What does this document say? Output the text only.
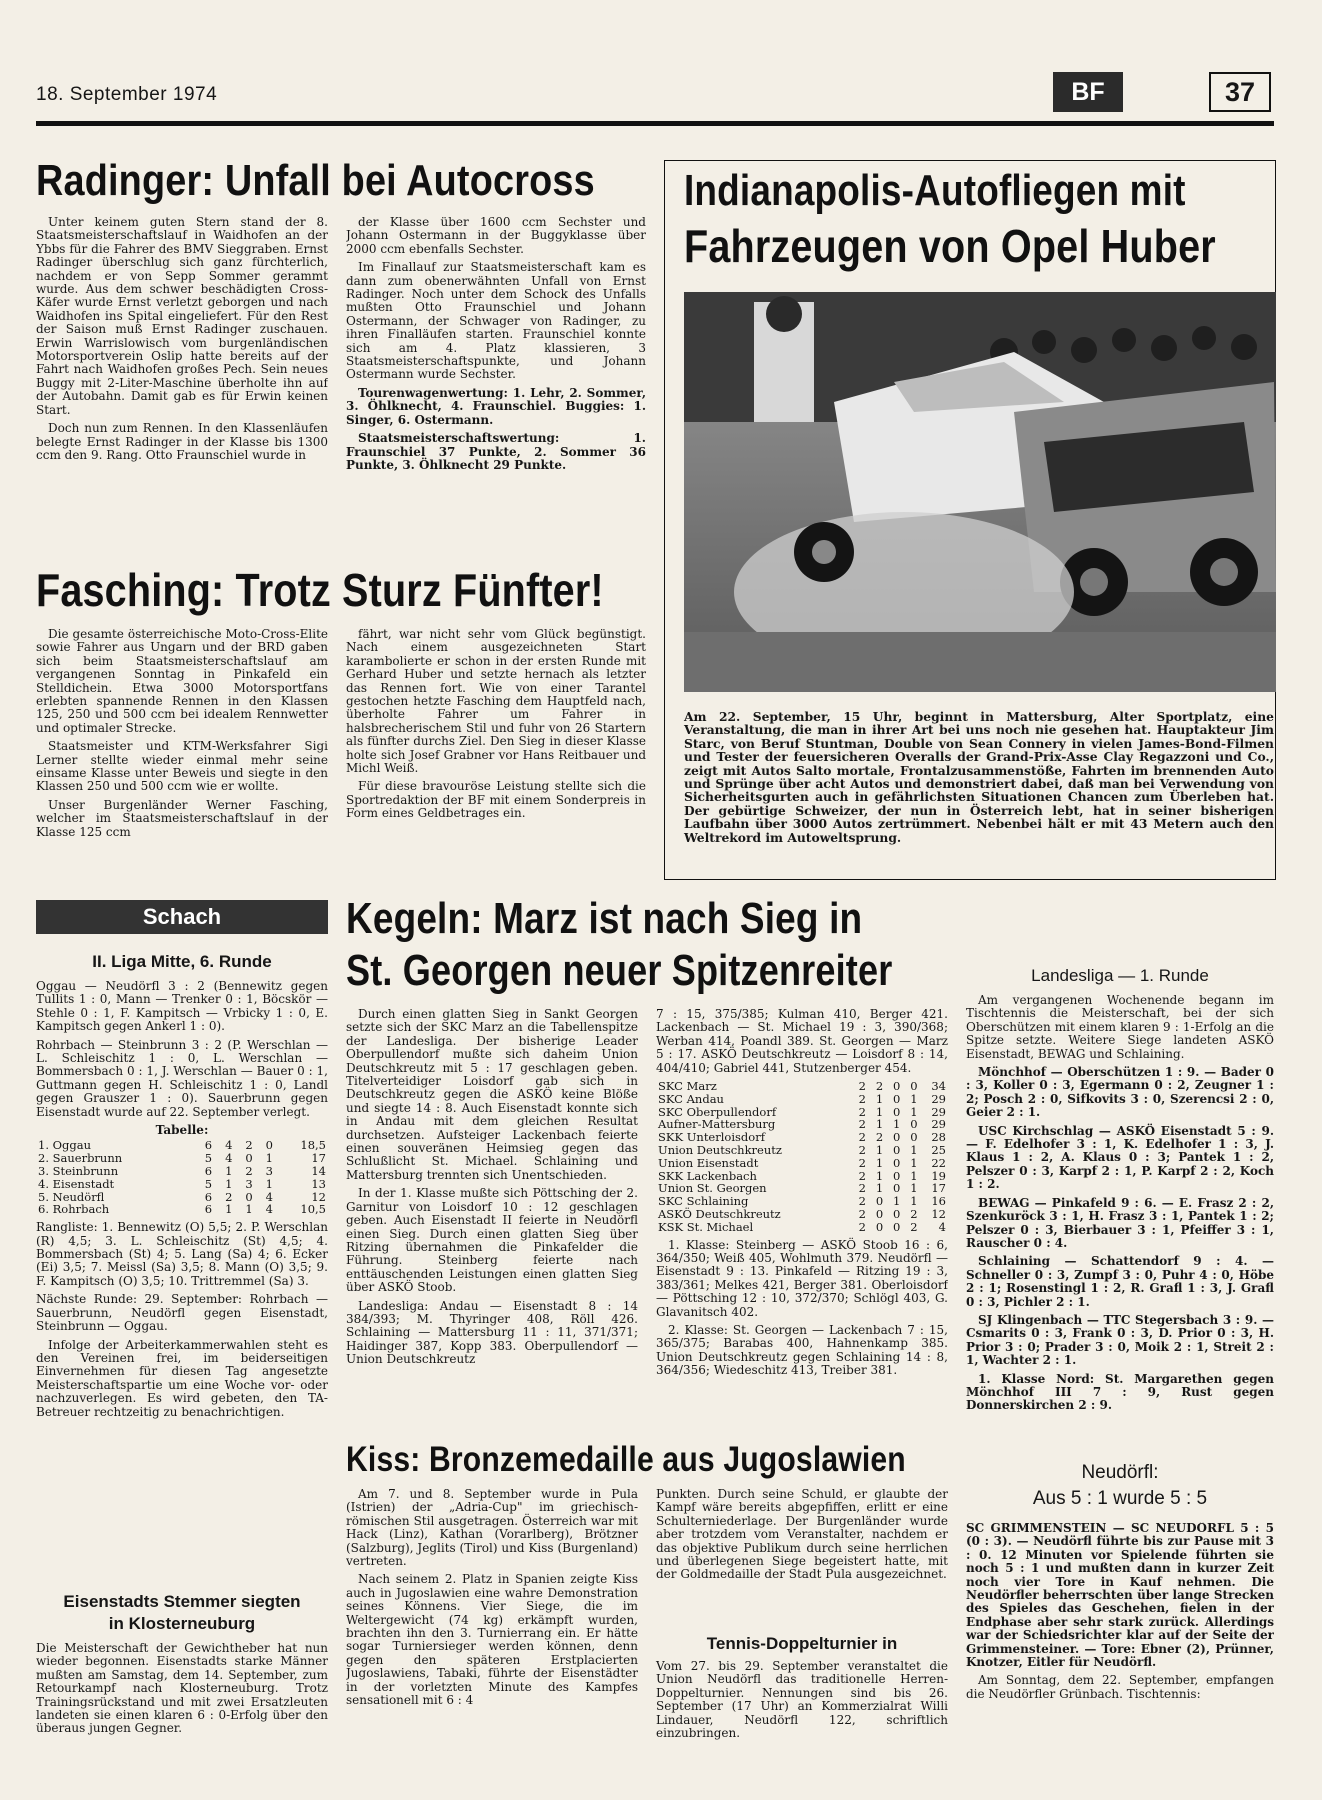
18. September 1974	BF	37
Radinger: Unfall bei Autocross

Unter keinem guten Stern stand der 8. Staatsmeisterschaftslauf in Waidhofen an der Ybbs für die Fahrer des BMV Sieggraben. Ernst Radinger überschlug sich ganz fürchterlich, nachdem er von Sepp Sommer gerammt wurde. Aus dem schwer beschädigten Cross-Käfer wurde Ernst verletzt geborgen und nach Waidhofen ins Spital eingeliefert. Für den Rest der Saison muß Ernst Radinger zuschauen. Erwin Warrislowisch vom burgenländischen Motorsportverein Oslip hatte bereits auf der Fahrt nach Waidhofen großes Pech. Sein neues Buggy mit 2-Liter-Maschine überholte ihn auf der Autobahn. Damit gab es für Erwin keinen Start.

Doch nun zum Rennen. In den Klassenläufen belegte Ernst Radinger in der Klasse bis 1300 ccm den 9. Rang. Otto Fraunschiel wurde in

der Klasse über 1600 ccm Sechster und Johann Ostermann in der Buggyklasse über 2000 ccm ebenfalls Sechster.

Im Finallauf zur Staatsmeisterschaft kam es dann zum obenerwähnten Unfall von Ernst Radinger. Noch unter dem Schock des Unfalls mußten Otto Fraunschiel und Johann Ostermann, der Schwager von Radinger, zu ihren Finalläufen starten. Fraunschiel konnte sich am 4. Platz klassieren, 3 Staatsmeisterschaftspunkte, und Johann Ostermann wurde Sechster.

Tourenwagenwertung: 1. Lehr, 2. Sommer, 3. Öhlknecht, 4. Fraunschiel. Buggies: 1. Singer, 6. Ostermann.

Staatsmeisterschaftswertung: 1. Fraunschiel 37 Punkte, 2. Sommer 36 Punkte, 3. Öhlknecht 29 Punkte.

Indianapolis-Autofliegen mit
Fahrzeugen von Opel Huber
Am 22. September, 15 Uhr, beginnt in Mattersburg, Alter Sportplatz, eine Veranstaltung, die man in ihrer Art bei uns noch nie gesehen hat. Hauptakteur Jim Starc, von Beruf Stuntman, Double von Sean Connery in vielen James-Bond-Filmen und Tester der feuersicheren Overalls der Grand-Prix-Asse Clay Regazzoni und Co., zeigt mit Autos Salto mortale, Frontalzusammenstöße, Fahrten im brennenden Auto und Sprünge über acht Autos und demonstriert dabei, daß man bei Verwendung von Sicherheitsgurten auch in gefährlichsten Situationen Chancen zum Überleben hat. Der gebürtige Schweizer, der nun in Österreich lebt, hat in seiner bisherigen Laufbahn über 3000 Autos zertrümmert. Nebenbei hält er mit 43 Metern auch den Weltrekord im Autoweltsprung.
Fasching: Trotz Sturz Fünfter!

Die gesamte österreichische Moto-Cross-Elite sowie Fahrer aus Ungarn und der BRD gaben sich beim Staatsmeisterschaftslauf am vergangenen Sonntag in Pinkafeld ein Stelldichein. Etwa 3000 Motorsportfans erlebten spannende Rennen in den Klassen 125, 250 und 500 ccm bei idealem Rennwetter und optimaler Strecke.

Staatsmeister und KTM-Werksfahrer Sigi Lerner stellte wieder einmal mehr seine einsame Klasse unter Beweis und siegte in den Klassen 250 und 500 ccm wie er wollte.

Unser Burgenländer Werner Fasching, welcher im Staatsmeisterschaftslauf in der Klasse 125 ccm

fährt, war nicht sehr vom Glück begünstigt. Nach einem ausgezeichneten Start karambolierte er schon in der ersten Runde mit Gerhard Huber und setzte hernach als letzter das Rennen fort. Wie von einer Tarantel gestochen hetzte Fasching dem Hauptfeld nach, überholte Fahrer um Fahrer in halsbrecherischem Stil und fuhr von 26 Startern als fünfter durchs Ziel. Den Sieg in dieser Klasse holte sich Josef Grabner vor Hans Reitbauer und Michl Weiß.

Für diese bravouröse Leistung stellte sich die Sportredaktion der BF mit einem Sonderpreis in Form eines Geldbetrages ein.

Schach
II. Liga Mitte, 6. Runde

Oggau — Neudörfl 3 : 2 (Bennewitz gegen Tullits 1 : 0, Mann — Trenker 0 : 1, Böcskör — Stehle 0 : 1, F. Kampitsch — Vrbicky 1 : 0, E. Kampitsch gegen Ankerl 1 : 0).

Rohrbach — Steinbrunn 3 : 2 (P. Werschlan — L. Schleischitz 1 : 0, L. Werschlan — Bommersbach 0 : 1, J. Werschlan — Bauer 0 : 1, Guttmann gegen H. Schleischitz 1 : 0, Landl gegen Grauszer 1 : 0). Sauerbrunn gegen Eisenstadt wurde auf 22. September verlegt.

Tabelle:
1. Oggau	6	4	2	0	18,5
2. Sauerbrunn	5	4	0	1	17
3. Steinbrunn	6	1	2	3	14
4. Eisenstadt	5	1	3	1	13
5. Neudörfl	6	2	0	4	12
6. Rohrbach	6	1	1	4	10,5

Rangliste: 1. Bennewitz (O) 5,5; 2. P. Werschlan (R) 4,5; 3. L. Schleischitz (St) 4,5; 4. Bommersbach (St) 4; 5. Lang (Sa) 4; 6. Ecker (Ei) 3,5; 7. Meissl (Sa) 3,5; 8. Mann (O) 3,5; 9. F. Kampitsch (O) 3,5; 10. Trittremmel (Sa) 3.

Nächste Runde: 29. September: Rohrbach — Sauerbrunn, Neudörfl gegen Eisenstadt, Steinbrunn — Oggau.

Infolge der Arbeiterkammerwahlen steht es den Vereinen frei, im beiderseitigen Einvernehmen für diesen Tag angesetzte Meisterschaftspartie um eine Woche vor- oder nachzuverlegen. Es wird gebeten, den TA-Betreuer rechtzeitig zu benachrichtigen.

Eisenstadts Stemmer siegten
in Klosterneuburg
Die Meisterschaft der Gewichtheber hat nun wieder begonnen. Eisenstadts starke Männer mußten am Samstag, dem 14. September, zum Retourkampf nach Klosterneuburg. Trotz Trainingsrückstand und mit zwei Ersatzleuten landeten sie einen klaren 6 : 0-Erfolg über den überaus jungen Gegner.
Kegeln: Marz ist nach Sieg in
St. Georgen neuer Spitzenreiter

Durch einen glatten Sieg in Sankt Georgen setzte sich der SKC Marz an die Tabellenspitze der Landesliga. Der bisherige Leader Oberpullendorf mußte sich daheim Union Deutschkreutz mit 5 : 17 geschlagen geben. Titelverteidiger Loisdorf gab sich in Deutschkreutz gegen die ASKÖ keine Blöße und siegte 14 : 8. Auch Eisenstadt konnte sich in Andau mit dem gleichen Resultat durchsetzen. Aufsteiger Lackenbach feierte einen souveränen Heimsieg gegen das Schlußlicht St. Michael. Schlaining und Mattersburg trennten sich Unentschieden.

In der 1. Klasse mußte sich Pöttsching der 2. Garnitur von Loisdorf 10 : 12 geschlagen geben. Auch Eisenstadt II feierte in Neudörfl einen Sieg. Durch einen glatten Sieg über Ritzing übernahmen die Pinkafelder die Führung. Steinberg feierte nach enttäuschenden Leistungen einen glatten Sieg über ASKÖ Stoob.

Landesliga: Andau — Eisenstadt 8 : 14 384/393; M. Thyringer 408, Röll 426. Schlaining — Mattersburg 11 : 11, 371/371; Haidinger 387, Kopp 383. Oberpullendorf — Union Deutschkreutz

7 : 15, 375/385; Kulman 410, Berger 421. Lackenbach — St. Michael 19 : 3, 390/368; Werban 414, Poandl 389. St. Georgen — Marz 5 : 17. ASKÖ Deutschkreutz — Loisdorf 8 : 14, 404/410; Gabriel 441, Stutzenberger 454.

SKC Marz	2	2	0	0	34
SKC Andau	2	1	0	1	29
SKC Oberpullendorf	2	1	0	1	29
Aufner-Mattersburg	2	1	1	0	29
SKK Unterloisdorf	2	2	0	0	28
Union Deutschkreutz	2	1	0	1	25
Union Eisenstadt	2	1	0	1	22
SKK Lackenbach	2	1	0	1	19
Union St. Georgen	2	1	0	1	17
SKC Schlaining	2	0	1	1	16
ASKÖ Deutschkreutz	2	0	0	2	12
KSK St. Michael	2	0	0	2	4

1. Klasse: Steinberg — ASKÖ Stoob 16 : 6, 364/350; Weiß 405, Wohlmuth 379. Neudörfl — Eisenstadt 9 : 13. Pinkafeld — Ritzing 19 : 3, 383/361; Melkes 421, Berger 381. Oberloisdorf — Pöttsching 12 : 10, 372/370; Schlögl 403, G. Glavanitsch 402.

2. Klasse: St. Georgen — Lackenbach 7 : 15, 365/375; Barabas 400, Hahnenkamp 385. Union Deutschkreutz gegen Schlaining 14 : 8, 364/356; Wiedeschitz 413, Treiber 381.

Kiss: Bronzemedaille aus Jugoslawien

Am 7. und 8. September wurde in Pula (Istrien) der „Adria-Cup" im griechisch-römischen Stil ausgetragen. Österreich war mit Hack (Linz), Kathan (Vorarlberg), Brötzner (Salzburg), Jeglits (Tirol) und Kiss (Burgenland) vertreten.

Nach seinem 2. Platz in Spanien zeigte Kiss auch in Jugoslawien eine wahre Demonstration seines Könnens. Vier Siege, die im Weltergewicht (74 kg) erkämpft wurden, brachten ihn den 3. Turnierrang ein. Er hätte sogar Turniersieger werden können, denn gegen den späteren Erstplacierten Jugoslawiens, Tabaki, führte der Eisenstädter in der vorletzten Minute des Kampfes sensationell mit 6 : 4

Punkten. Durch seine Schuld, er glaubte der Kampf wäre bereits abgepfiffen, erlitt er eine Schulterniederlage. Der Burgenländer wurde aber trotzdem vom Veranstalter, nachdem er das objektive Publikum durch seine herrlichen und überlegenen Siege begeistert hatte, mit der Goldmedaille der Stadt Pula ausgezeichnet.

Tennis-Doppelturnier in
Vom 27. bis 29. September veranstaltet die Union Neudörfl das traditionelle Herren-Doppelturnier. Nennungen sind bis 26. September (17 Uhr) an Kommerzialrat Willi Lindauer, Neudörfl 122, schriftlich einzubringen.
Landesliga — 1. Runde

Am vergangenen Wochenende begann im Tischtennis die Meisterschaft, bei der sich Oberschützen mit einem klaren 9 : 1-Erfolg an die Spitze setzte. Weitere Siege landeten ASKÖ Eisenstadt, BEWAG und Schlaining.

Mönchhof — Oberschützen 1 : 9. — Bader 0 : 3, Koller 0 : 3, Egermann 0 : 2, Zeugner 1 : 2; Posch 2 : 0, Sifkovits 3 : 0, Szerencsi 2 : 0, Geier 2 : 1.

USC Kirchschlag — ASKÖ Eisenstadt 5 : 9. — F. Edelhofer 3 : 1, K. Edelhofer 1 : 3, J. Klaus 1 : 2, A. Klaus 0 : 3; Pantek 1 : 2, Pelszer 0 : 3, Karpf 2 : 1, P. Karpf 2 : 2, Koch 1 : 2.

BEWAG — Pinkafeld 9 : 6. — E. Frasz 2 : 2, Szenkuröck 3 : 1, H. Frasz 3 : 1, Pantek 1 : 2; Pelszer 0 : 3, Bierbauer 3 : 1, Pfeiffer 3 : 1, Rauscher 0 : 4.

Schlaining — Schattendorf 9 : 4. — Schneller 0 : 3, Zumpf 3 : 0, Puhr 4 : 0, Höbe 2 : 1; Rosenstingl 1 : 2, R. Grafl 1 : 3, J. Grafl 0 : 3, Pichler 2 : 1.

SJ Klingenbach — TTC Stegersbach 3 : 9. — Csmarits 0 : 3, Frank 0 : 3, D. Prior 0 : 3, H. Prior 3 : 0; Prader 3 : 0, Moik 2 : 1, Streit 2 : 1, Wachter 2 : 1.

1. Klasse Nord: St. Margarethen gegen Mönchhof III 7 : 9, Rust gegen Donnerskirchen 2 : 9.

Neudörfl:
Aus 5 : 1 wurde 5 : 5

SC GRIMMENSTEIN — SC NEUDÖRFL 5 : 5 (0 : 3). — Neudörfl führte bis zur Pause mit 3 : 0. 12 Minuten vor Spielende führten sie noch 5 : 1 und mußten dann in kurzer Zeit noch vier Tore in Kauf nehmen. Die Neudörfler beherrschten über lange Strecken des Spieles das Geschehen, fielen in der Endphase aber sehr stark zurück. Allerdings war der Schiedsrichter klar auf der Seite der Grimmensteiner. — Tore: Ebner (2), Prünner, Knotzer, Eitler für Neudörfl.

Am Sonntag, dem 22. September, empfangen die Neudörfler Grünbach. Tischtennis:
